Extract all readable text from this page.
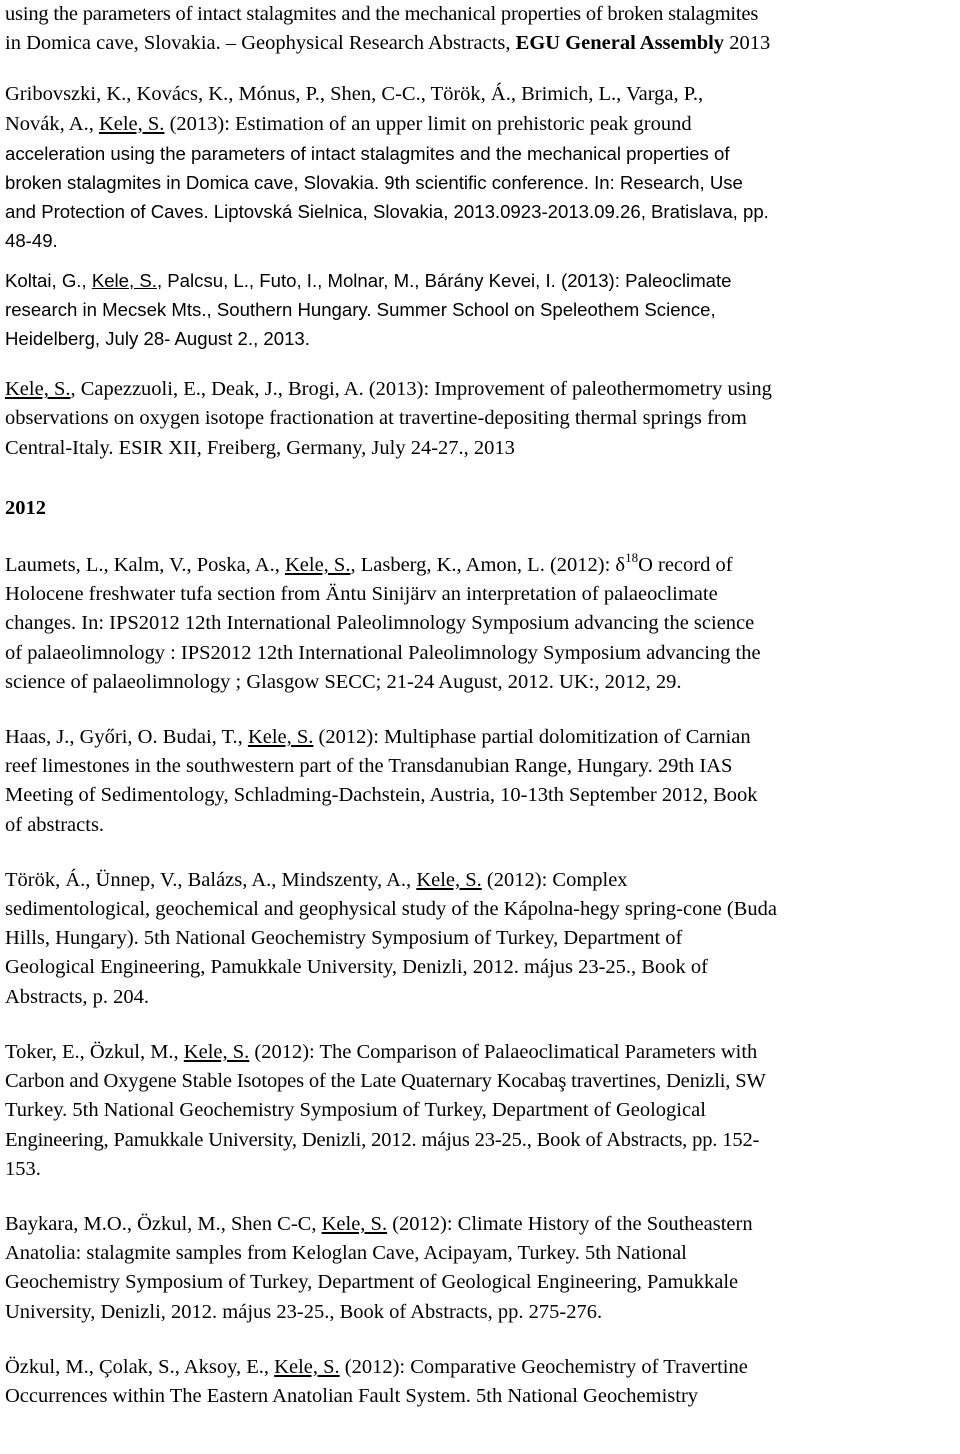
using the parameters of intact stalagmites and the mechanical properties of broken stalagmites
in Domica cave, Slovakia. – Geophysical Research Abstracts, EGU General Assembly 2013
Gribovszki, K., Kovács, K., Mónus, P., Shen, C-C., Török, Á., Brimich, L., Varga, P.,
Novák, A., Kele, S. (2013): Estimation of an upper limit on prehistoric peak ground
acceleration using the parameters of intact stalagmites and the mechanical properties of
broken stalagmites in Domica cave, Slovakia. 9th scientific conference. In: Research, Use
and Protection of Caves. Liptovská Sielnica, Slovakia, 2013.0923-2013.09.26, Bratislava, pp.
48-49.
Koltai, G., Kele, S., Palcsu, L., Futo, I., Molnar, M., Bárány Kevei, I. (2013): Paleoclimate
research in Mecsek Mts., Southern Hungary. Summer School on Speleothem Science,
Heidelberg, July 28- August 2., 2013.
Kele, S., Capezzuoli, E., Deak, J., Brogi, A. (2013): Improvement of paleothermometry using
observations on oxygen isotope fractionation at travertine-depositing thermal springs from
Central-Italy. ESIR XII, Freiberg, Germany, July 24-27., 2013

2012

Laumets, L., Kalm, V., Poska, A., Kele, S., Lasberg, K., Amon, L. (2012): $\delta^{18}O$ record of
Holocene freshwater tufa section from Äntu Sinijärv an interpretation of palaeoclimate
changes. In: IPS2012 12th International Paleolimnology Symposium advancing the science
of palaeolimnology : IPS2012 12th International Paleolimnology Symposium advancing the
science of palaeolimnology ; Glasgow SECC; 21-24 August, 2012. UK:, 2012, 29.
Haas, J., Győri, O. Budai, T., Kele, S. (2012): Multiphase partial dolomitization of Carnian
reef limestones in the southwestern part of the Transdanubian Range, Hungary. 29th IAS
Meeting of Sedimentology, Schladming-Dachstein, Austria, 10-13th September 2012, Book
of abstracts.
Török, Á., Ünnep, V., Balázs, A., Mindszenty, A., Kele, S. (2012): Complex
sedimentological, geochemical and geophysical study of the Kápolna-hegy spring-cone (Buda
Hills, Hungary). 5th National Geochemistry Symposium of Turkey, Department of
Geological Engineering, Pamukkale University, Denizli, 2012. május 23-25., Book of
Abstracts, p. 204.
Toker, E., Özkul, M., Kele, S. (2012): The Comparison of Palaeoclimatical Parameters with
Carbon and Oxygene Stable Isotopes of the Late Quaternary Kocabaş travertines, Denizli, SW
Turkey. 5th National Geochemistry Symposium of Turkey, Department of Geological
Engineering, Pamukkale University, Denizli, 2012. május 23-25., Book of Abstracts, pp. 152-
153.
Baykara, M.O., Özkul, M., Shen C-C, Kele, S. (2012): Climate History of the Southeastern
Anatolia: stalagmite samples from Keloglan Cave, Acipayam, Turkey. 5th National
Geochemistry Symposium of Turkey, Department of Geological Engineering, Pamukkale
University, Denizli, 2012. május 23-25., Book of Abstracts, pp. 275-276.
Özkul, M., Çolak, S., Aksoy, E., Kele, S. (2012): Comparative Geochemistry of Travertine
Occurrences within The Eastern Anatolian Fault System. 5th National Geochemistry
